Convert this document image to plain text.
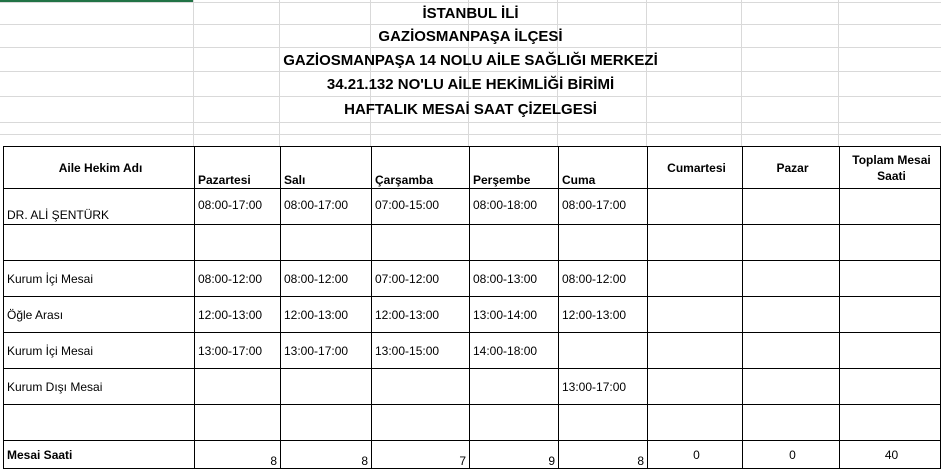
İSTANBUL İLİ
GAZİOSMANPAŞA İLÇESİ
GAZİOSMANPAŞA 14 NOLU AİLE SAĞLIĞI MERKEZİ
34.21.132 NO'LU AİLE HEKİMLİĞİ BİRİMİ
HAFTALIK MESAİ SAAT ÇİZELGESİ
Aile Hekim Adı	Pazartesi	Salı	Çarşamba	Perşembe	Cuma	Cumartesi	Pazar	Toplam Mesai Saati
DR. ALİ ŞENTÜRK	08:00-17:00	08:00-17:00	07:00-15:00	08:00-18:00	08:00-17:00			

Kurum İçi Mesai	08:00-12:00	08:00-12:00	07:00-12:00	08:00-13:00	08:00-12:00			
Öğle Arası	12:00-13:00	12:00-13:00	12:00-13:00	13:00-14:00	12:00-13:00			
Kurum İçi Mesai	13:00-17:00	13:00-17:00	13:00-15:00	14:00-18:00				
Kurum Dışı Mesai					13:00-17:00			

Mesai Saati	8	8	7	9	8	0	0	40
